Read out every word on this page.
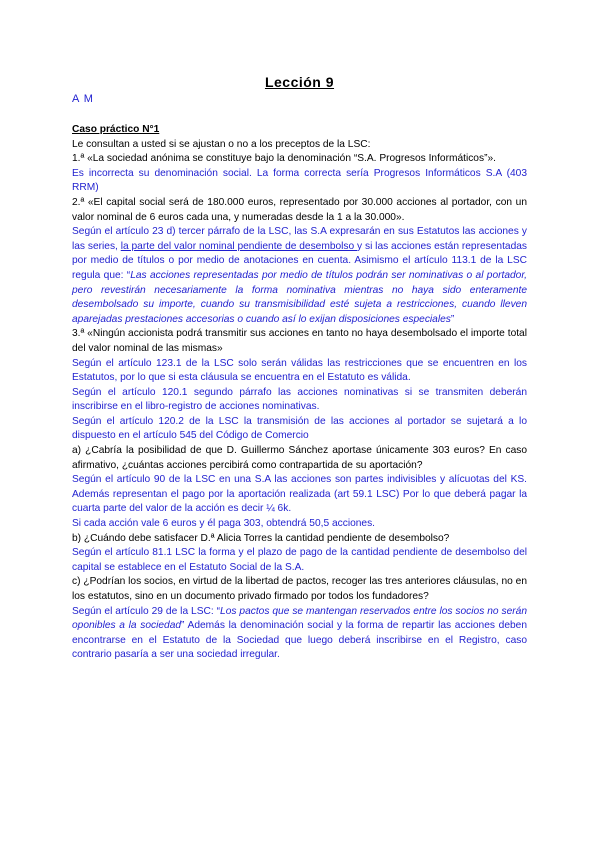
Lección 9
A M

Caso práctico N°1

Le consultan a usted si se ajustan o no a los preceptos de la LSC:

1.ª «La sociedad anónima se constituye bajo la denominación “S.A. Progresos Informáticos”».

Es incorrecta su denominación social. La forma correcta sería Progresos Informáticos S.A (403 RRM)

2.ª «El capital social será de 180.000 euros, representado por 30.000 acciones al portador, con un valor nominal de 6 euros cada una, y numeradas desde la 1 a la 30.000».

Según el artículo 23 d) tercer párrafo de la LSC, las S.A expresarán en sus Estatutos las acciones y las series, la parte del valor nominal pendiente de desembolso y si las acciones están representadas por medio de títulos o por medio de anotaciones en cuenta. Asimismo el artículo 113.1 de la LSC regula que: “Las acciones representadas por medio de títulos podrán ser nominativas o al portador, pero revestirán necesariamente la forma nominativa mientras no haya sido enteramente desembolsado su importe, cuando su transmisibilidad esté sujeta a restricciones, cuando lleven aparejadas prestaciones accesorias o cuando así lo exijan disposiciones especiales”

3.ª «Ningún accionista podrá transmitir sus acciones en tanto no haya desembolsado el importe total del valor nominal de las mismas»

Según el artículo 123.1 de la LSC solo serán válidas las restricciones que se encuentren en los Estatutos, por lo que si esta cláusula se encuentra en el Estatuto es válida.

Según el artículo 120.1 segundo párrafo las acciones nominativas si se transmiten deberán inscribirse en el libro-registro de acciones nominativas.

Según el artículo 120.2 de la LSC la transmisión de las acciones al portador se sujetará a lo dispuesto en el artículo 545 del Código de Comercio

a) ¿Cabría la posibilidad de que D. Guillermo Sánchez aportase únicamente 303 euros? En caso afirmativo, ¿cuántas acciones percibirá como contrapartida de su aportación?

Según el artículo 90 de la LSC en una S.A las acciones son partes indivisibles y alícuotas del KS. Además representan el pago por la aportación realizada (art 59.1 LSC) Por lo que deberá pagar la cuarta parte del valor de la acción es decir ¼ 6k.

Si cada acción vale 6 euros y él paga 303, obtendrá 50,5 acciones.

b) ¿Cuándo debe satisfacer D.ª Alicia Torres la cantidad pendiente de desembolso?

Según el artículo 81.1 LSC la forma y el plazo de pago de la cantidad pendiente de desembolso del capital se establece en el Estatuto Social de la S.A.

c) ¿Podrían los socios, en virtud de la libertad de pactos, recoger las tres anteriores cláusulas, no en los estatutos, sino en un documento privado firmado por todos los fundadores?

Según el artículo 29 de la LSC: “Los pactos que se mantengan reservados entre los socios no serán oponibles a la sociedad” Además la denominación social y la forma de repartir las acciones deben encontrarse en el Estatuto de la Sociedad que luego deberá inscribirse en el Registro, caso contrario pasaría a ser una sociedad irregular.
